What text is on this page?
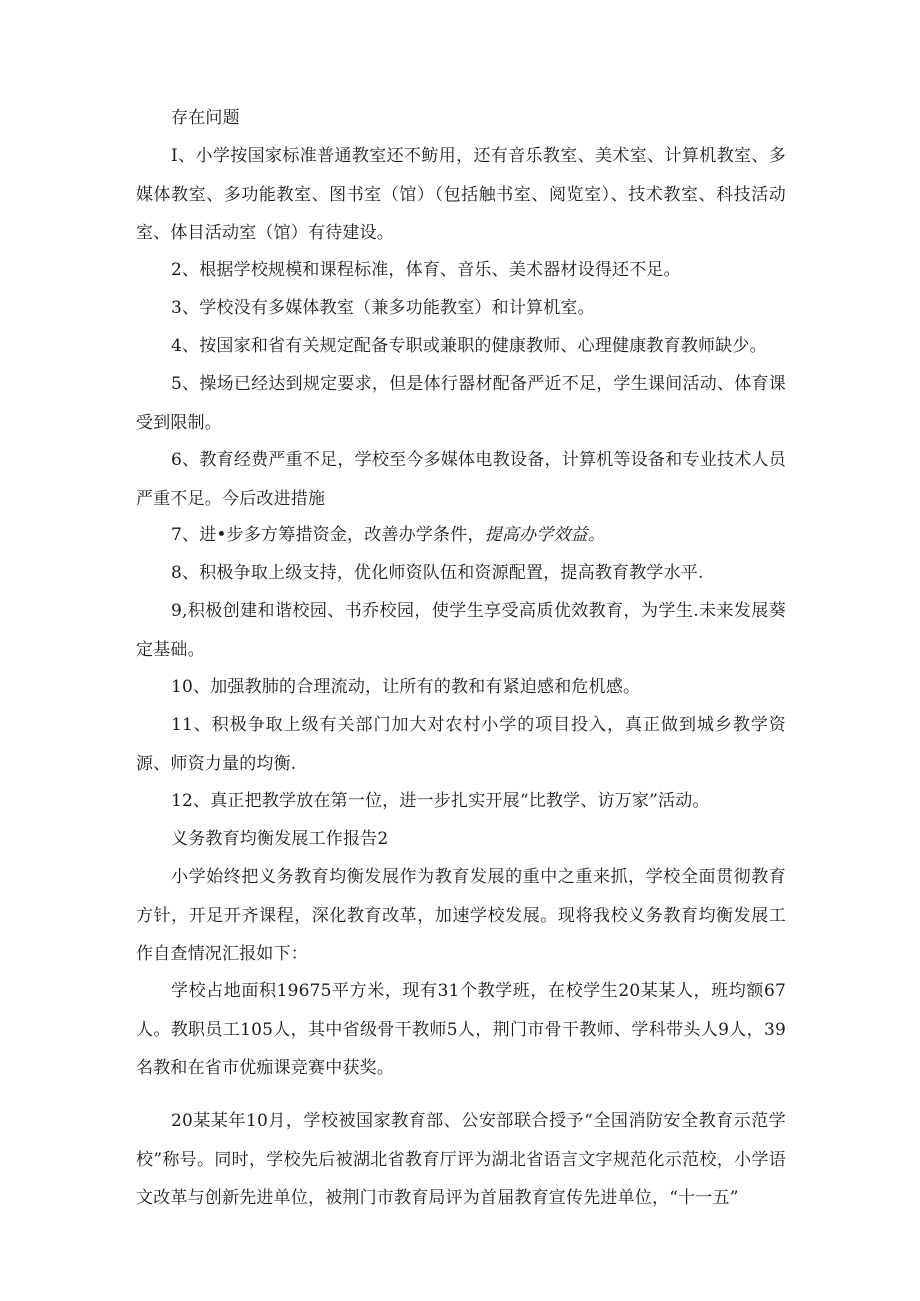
存在问题

I、小学按国家标准普通教室还不鲂用，还有音乐教室、美术室、计算机教室、多媒体教室、多功能教室、图书室（馆）（包括触书室、阅览室）、技术教室、科技活动室、体目活动室（馆）有待建设。

2、根据学校规模和课程标准，体育、音乐、美术器材设得还不足。

3、学校没有多媒体教室（兼多功能教室）和计算机室。

4、按国家和省有关规定配备专职或兼职的健康教师、心理健康教育教师缺少。

5、操场已经达到规定要求，但是体行器材配备严近不足，学生课间活动、体育课受到限制。

6、教育经费严重不足，学校至今多媒体电教设备，计算机等设备和专业技术人员严重不足。今后改进措施

7、进•步多方筹措资金，改善办学条件，提高办学效益。

8、积极争取上级支持，优化师资队伍和资源配置，提高教育教学水平.

9,积极创建和谐校园、书乔校园，使学生享受高质优效教育，为学生.未来发展葵定基础。

10、加强教肺的合理流动，让所有的教和有紧迫感和危机感。

11、积极争取上级有关部门加大对农村小学的项目投入，真正做到城乡教学资源、师资力量的均衡.

12、真正把教学放在第一位，进一步扎实开展“比教学、访万家”活动。

义务教育均衡发展工作报告2

小学始终把义务教育均衡发展作为教育发展的重中之重来抓，学校全面贯彻教育方针，开足开齐课程，深化教育改革，加速学校发展。现将我校义务教育均衡发展工作自查情况汇报如下：

学校占地面积19675平方米，现有31个教学班，在校学生20某某人，班均额67人。教职员工105人，其中省级骨干教师5人，荆门市骨干教师、学科带头人9人，39名教和在省市优痂课竞赛中获奖。

20某某年10月，学校被国家教育部、公安部联合授予“全国消防安全教育示范学校”称号。同时，学校先后被湖北省教育厅评为湖北省语言文字规范化示范校，小学语文改革与创新先进单位，被荆门市教育局评为首届教育宣传先进单位，“十一五”
